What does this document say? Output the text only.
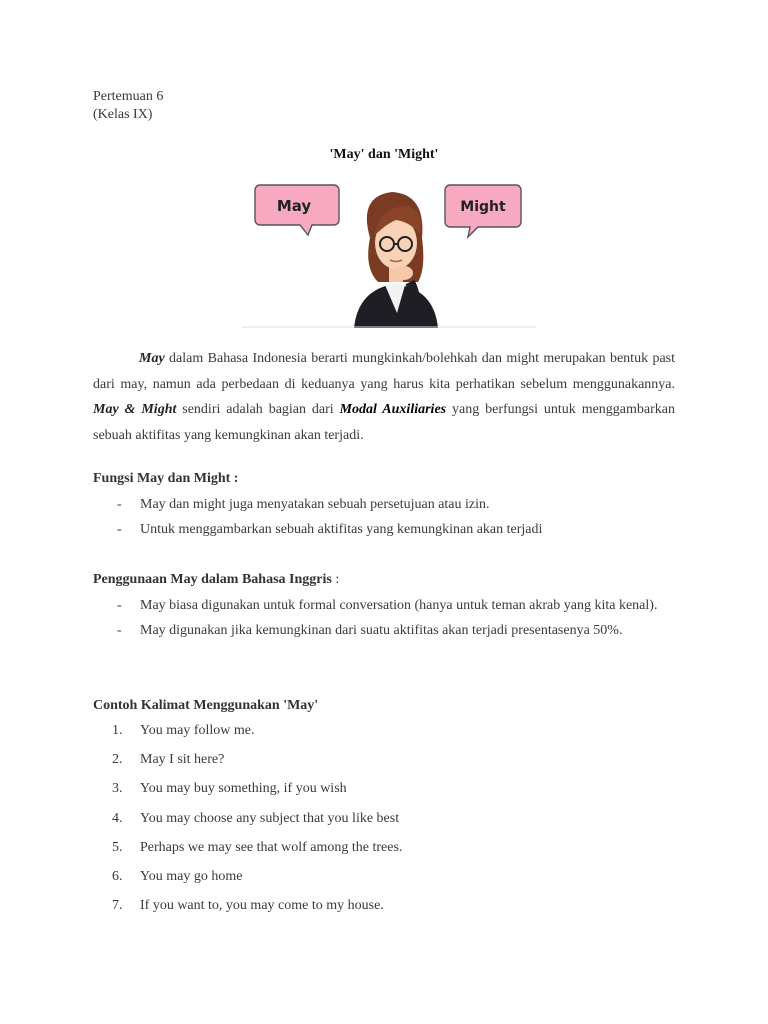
Pertemuan 6
(Kelas IX)
'May' dan 'Might'
May	Might
May dalam Bahasa Indonesia berarti mungkinkah/bolehkah dan might merupakan bentuk past dari may, namun ada perbedaan di keduanya yang harus kita perhatikan sebelum menggunakannya. May & Might sendiri adalah bagian dari Modal Auxiliaries yang berfungsi untuk menggambarkan sebuah aktifitas yang kemungkinan akan terjadi.
Fungsi May dan Might :
- May dan might juga menyatakan sebuah persetujuan atau izin.
- Untuk menggambarkan sebuah aktifitas yang kemungkinan akan terjadi
Penggunaan May dalam Bahasa Inggris :
- May biasa digunakan untuk formal conversation (hanya untuk teman akrab yang kita kenal).
- May digunakan jika kemungkinan dari suatu aktifitas akan terjadi presentasenya 50%.
Contoh Kalimat Menggunakan 'May'
1. You may follow me.
2. May I sit here?
3. You may buy something, if you wish
4. You may choose any subject that you like best
5. Perhaps we may see that wolf among the trees.
6. You may go home
7. If you want to, you may come to my house.
